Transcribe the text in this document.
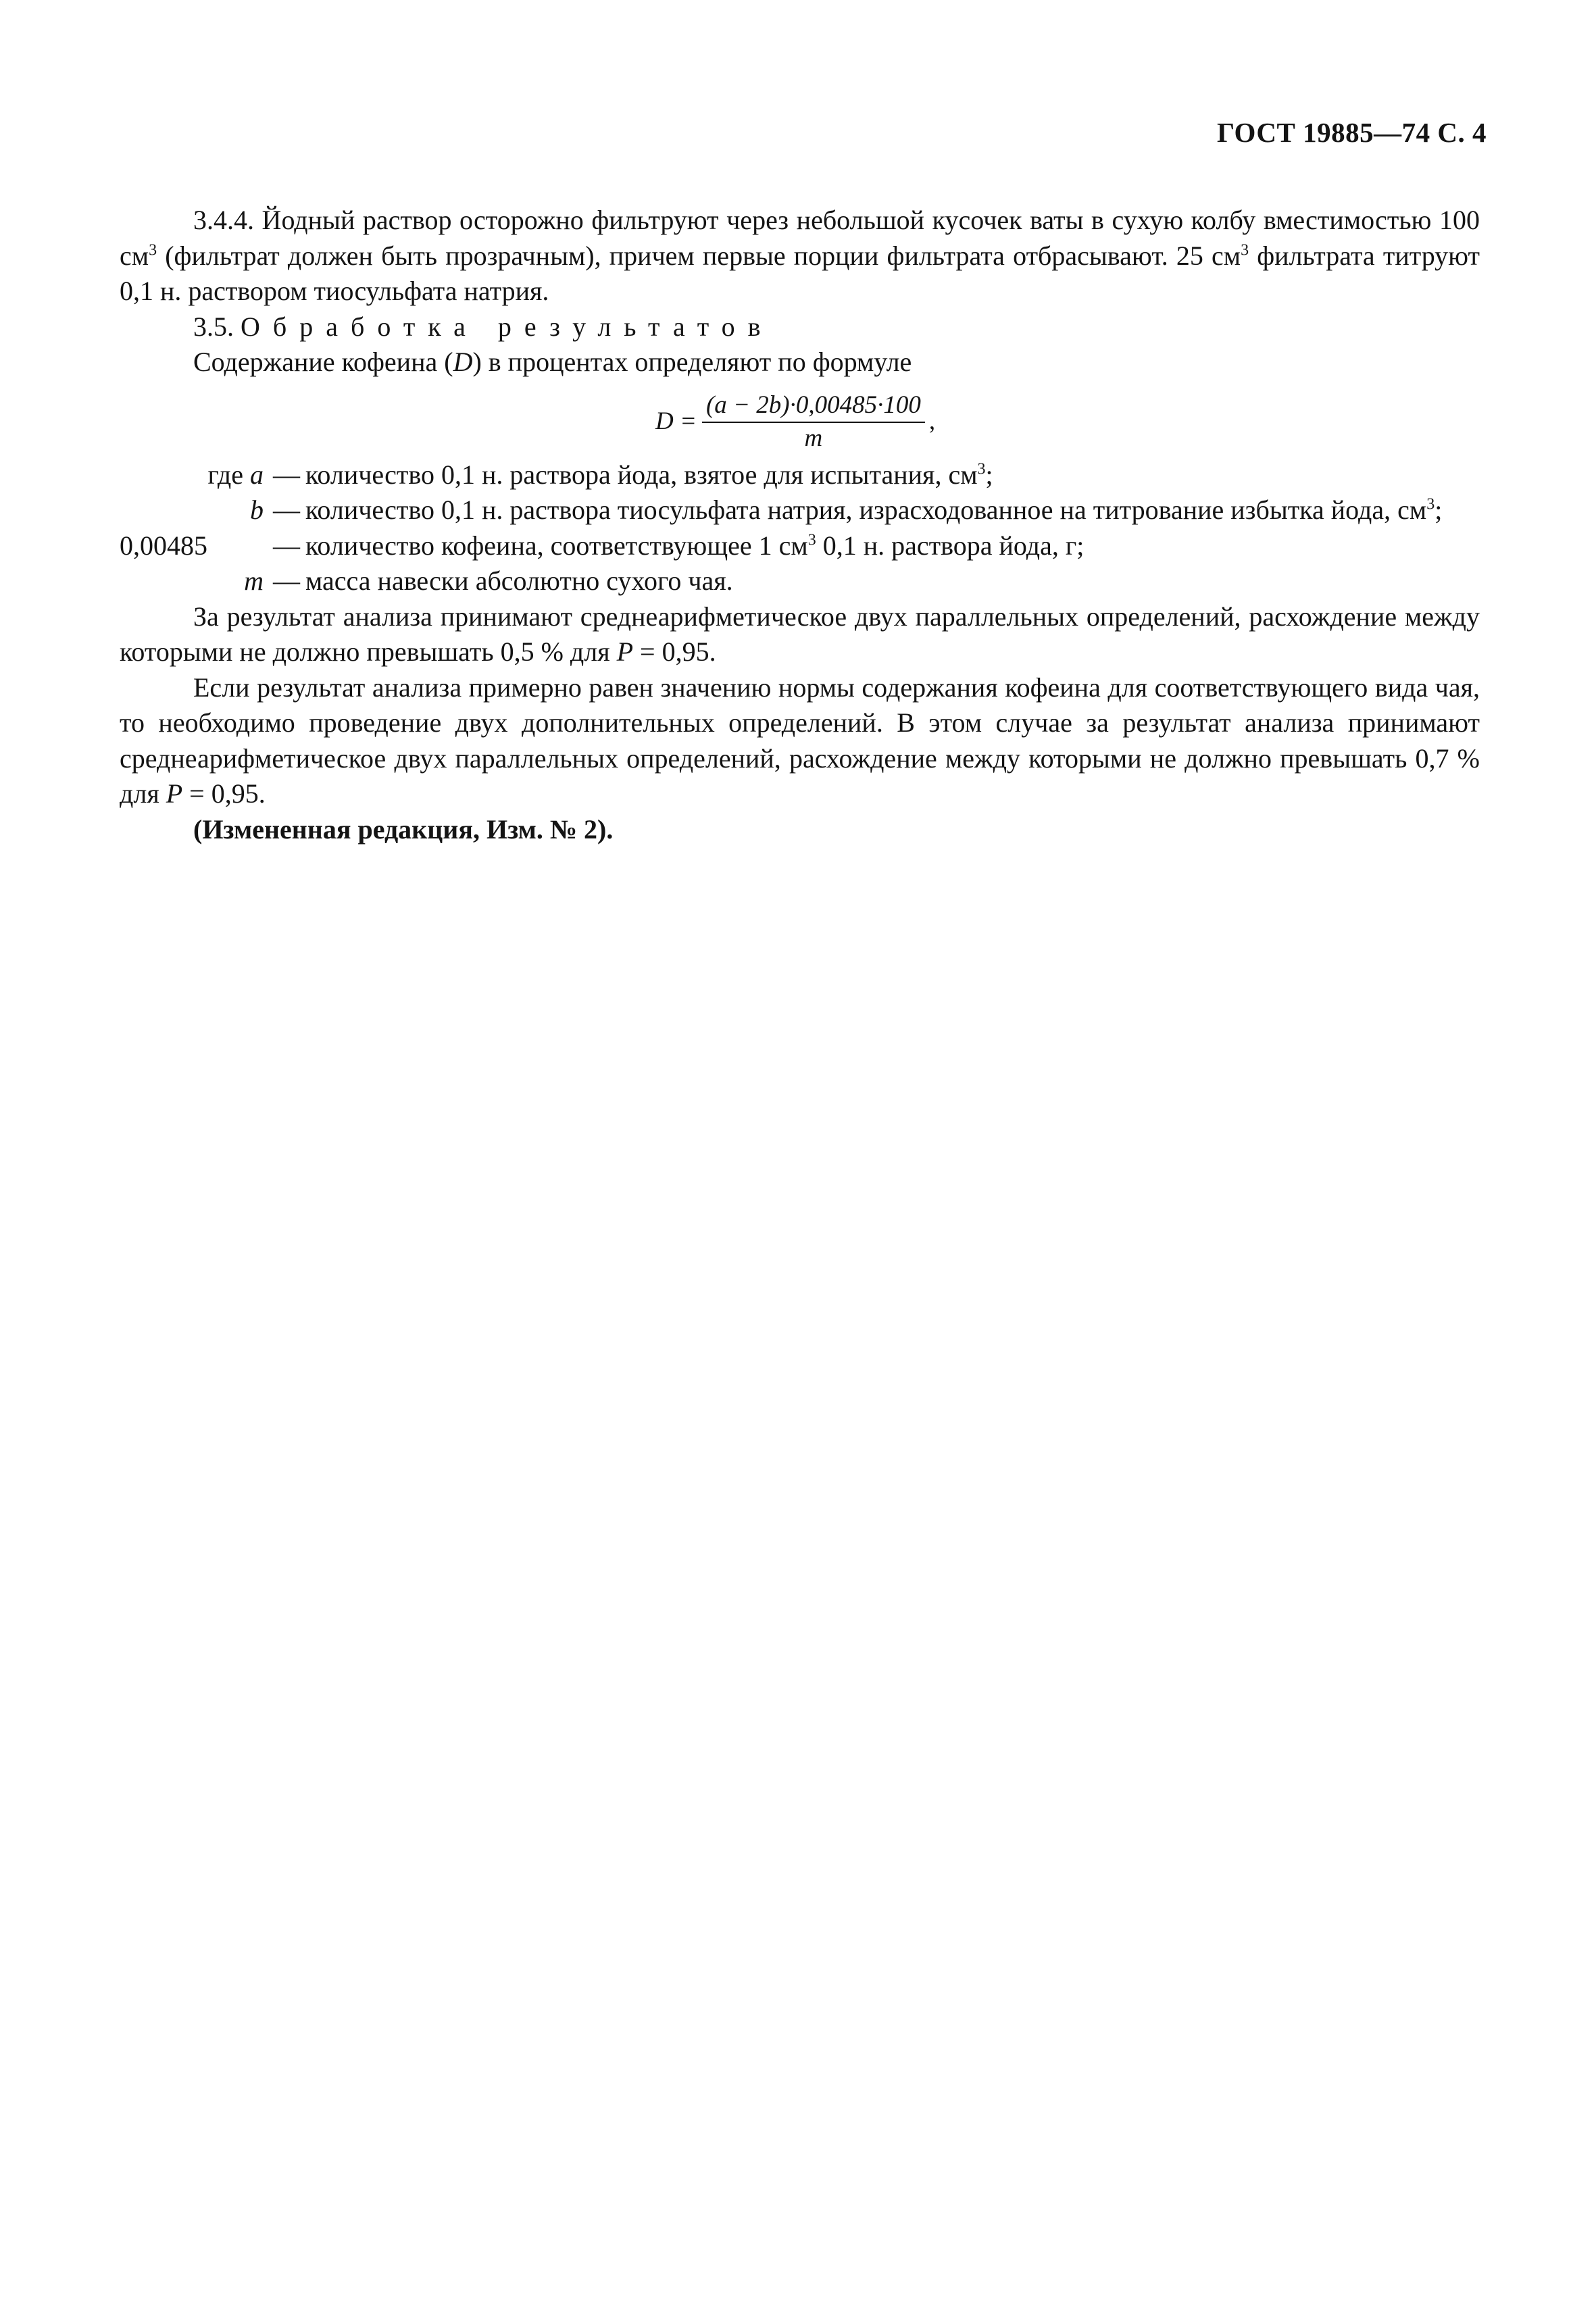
ГОСТ 19885—74 С. 4

3.4.4. Йодный раствор осторожно фильтруют через небольшой кусочек ваты в сухую колбу вместимостью 100 $см^3$ (фильтрат должен быть прозрачным), причем первые порции фильтрата отбрасывают. 25 $см^3$ фильтрата титруют 0,1 н. раствором тиосульфата натрия.

3.5. Обработка результатов

Содержание кофеина (D) в процентах определяют по формуле

$D = \frac{(a - 2b)\cdot 0,00485\cdot 100}{m}$ ,

где a — количество 0,1 н. раствора йода, взятое для испытания, $см^3$;

b — количество 0,1 н. раствора тиосульфата натрия, израсходованное на титрование избытка йода, $см^3$;

0,00485	— количество кофеина, соответствующее 1 $см^3$ 0,1 н. раствора йода, г;

m — масса навески абсолютно сухого чая.

За результат анализа принимают среднеарифметическое двух параллельных определений, расхождение между которыми не должно превышать 0,5 % для P = 0,95.

Если результат анализа примерно равен значению нормы содержания кофеина для соответствующего вида чая, то необходимо проведение двух дополнительных определений. В этом случае за результат анализа принимают среднеарифметическое двух параллельных определений, расхождение между которыми не должно превышать 0,7 % для P = 0,95.

(Измененная редакция, Изм. № 2).
